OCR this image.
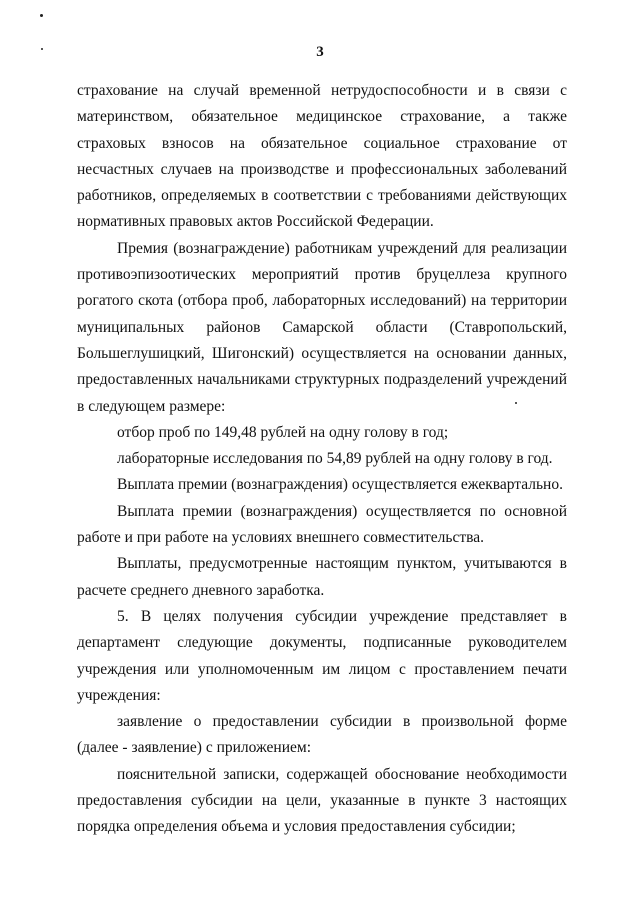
3

страхование на случай временной нетрудоспособности и в связи с материнством, обязательное медицинское страхование, а также страховых взносов на обязательное социальное страхование от несчастных случаев на производстве и профессиональных заболеваний работников, определяемых в соответствии с требованиями действующих нормативных правовых актов Российской Федерации.

Премия (вознаграждение) работникам учреждений для реализации противоэпизоотических мероприятий против бруцеллеза крупного рогатого скота (отбора проб, лабораторных исследований) на территории муниципальных районов Самарской области (Ставропольский, Большеглушицкий, Шигонский) осуществляется на основании данных, предоставленных начальниками структурных подразделений учреждений в следующем размере:

отбор проб по 149,48 рублей на одну голову в год;

лабораторные исследования по 54,89 рублей на одну голову в год.

Выплата премии (вознаграждения) осуществляется ежеквартально.

Выплата премии (вознаграждения) осуществляется по основной работе и при работе на условиях внешнего совместительства.

Выплаты, предусмотренные настоящим пунктом, учитываются в расчете среднего дневного заработка.

5. В целях получения субсидии учреждение представляет в департамент следующие документы, подписанные руководителем учреждения или уполномоченным им лицом с проставлением печати учреждения:

заявление о предоставлении субсидии в произвольной форме (далее - заявление) с приложением:

пояснительной записки, содержащей обоснование необходимости предоставления субсидии на цели, указанные в пункте 3 настоящих порядка определения объема и условия предоставления субсидии;
